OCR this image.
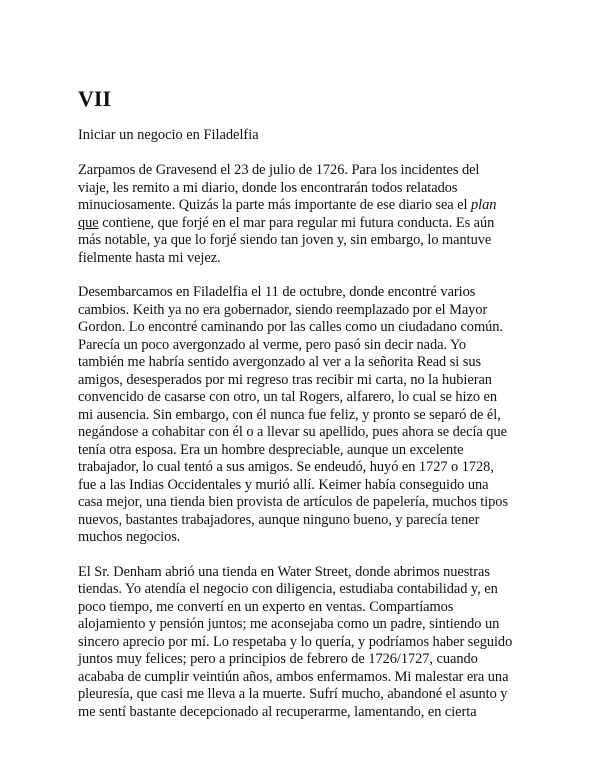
VII
Iniciar un negocio en Filadelfia
Zarpamos de Gravesend el 23 de julio de 1726. Para los incidentes del
viaje, les remito a mi diario, donde los encontrarán todos relatados
minuciosamente. Quizás la parte más importante de ese diario sea el plan
que contiene, que forjé en el mar para regular mi futura conducta. Es aún
más notable, ya que lo forjé siendo tan joven y, sin embargo, lo mantuve
fielmente hasta mi vejez.
Desembarcamos en Filadelfia el 11 de octubre, donde encontré varios
cambios. Keith ya no era gobernador, siendo reemplazado por el Mayor
Gordon. Lo encontré caminando por las calles como un ciudadano común.
Parecía un poco avergonzado al verme, pero pasó sin decir nada. Yo
también me habría sentido avergonzado al ver a la señorita Read si sus
amigos, desesperados por mi regreso tras recibir mi carta, no la hubieran
convencido de casarse con otro, un tal Rogers, alfarero, lo cual se hizo en
mi ausencia. Sin embargo, con él nunca fue feliz, y pronto se separó de él,
negándose a cohabitar con él o a llevar su apellido, pues ahora se decía que
tenía otra esposa. Era un hombre despreciable, aunque un excelente
trabajador, lo cual tentó a sus amigos. Se endeudó, huyó en 1727 o 1728,
fue a las Indias Occidentales y murió allí. Keimer había conseguido una
casa mejor, una tienda bien provista de artículos de papelería, muchos tipos
nuevos, bastantes trabajadores, aunque ninguno bueno, y parecía tener
muchos negocios.
El Sr. Denham abrió una tienda en Water Street, donde abrimos nuestras
tiendas. Yo atendía el negocio con diligencia, estudiaba contabilidad y, en
poco tiempo, me convertí en un experto en ventas. Compartíamos
alojamiento y pensión juntos; me aconsejaba como un padre, sintiendo un
sincero aprecio por mí. Lo respetaba y lo quería, y podríamos haber seguido
juntos muy felices; pero a principios de febrero de 1726/1727, cuando
acababa de cumplir veintiún años, ambos enfermamos. Mi malestar era una
pleuresía, que casi me lleva a la muerte. Sufrí mucho, abandoné el asunto y
me sentí bastante decepcionado al recuperarme, lamentando, en cierta
